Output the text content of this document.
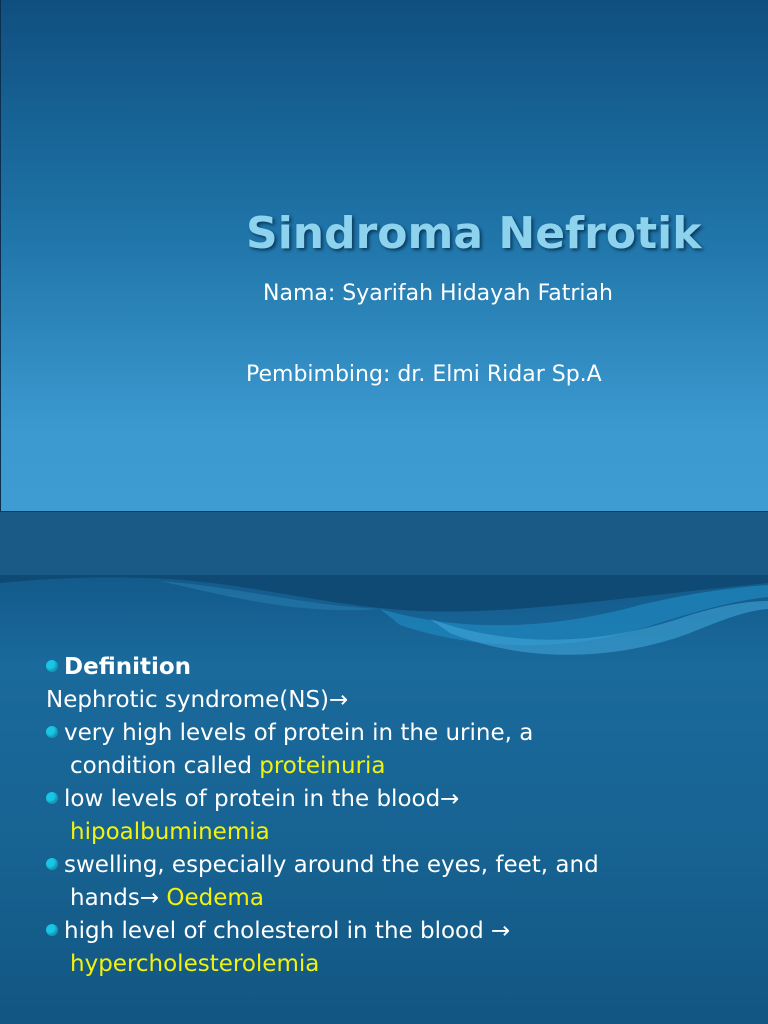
Sindroma Nefrotik
Nama: Syarifah Hidayah Fatriah
Pembimbing: dr. Elmi Ridar Sp.A
Definition
Nephrotic syndrome(NS)→
very high levels of protein in the urine, a
condition called proteinuria
low levels of protein in the blood→
hipoalbuminemia
swelling, especially around the eyes, feet, and
hands→ Oedema
high level of cholesterol in the blood →
hypercholesterolemia
